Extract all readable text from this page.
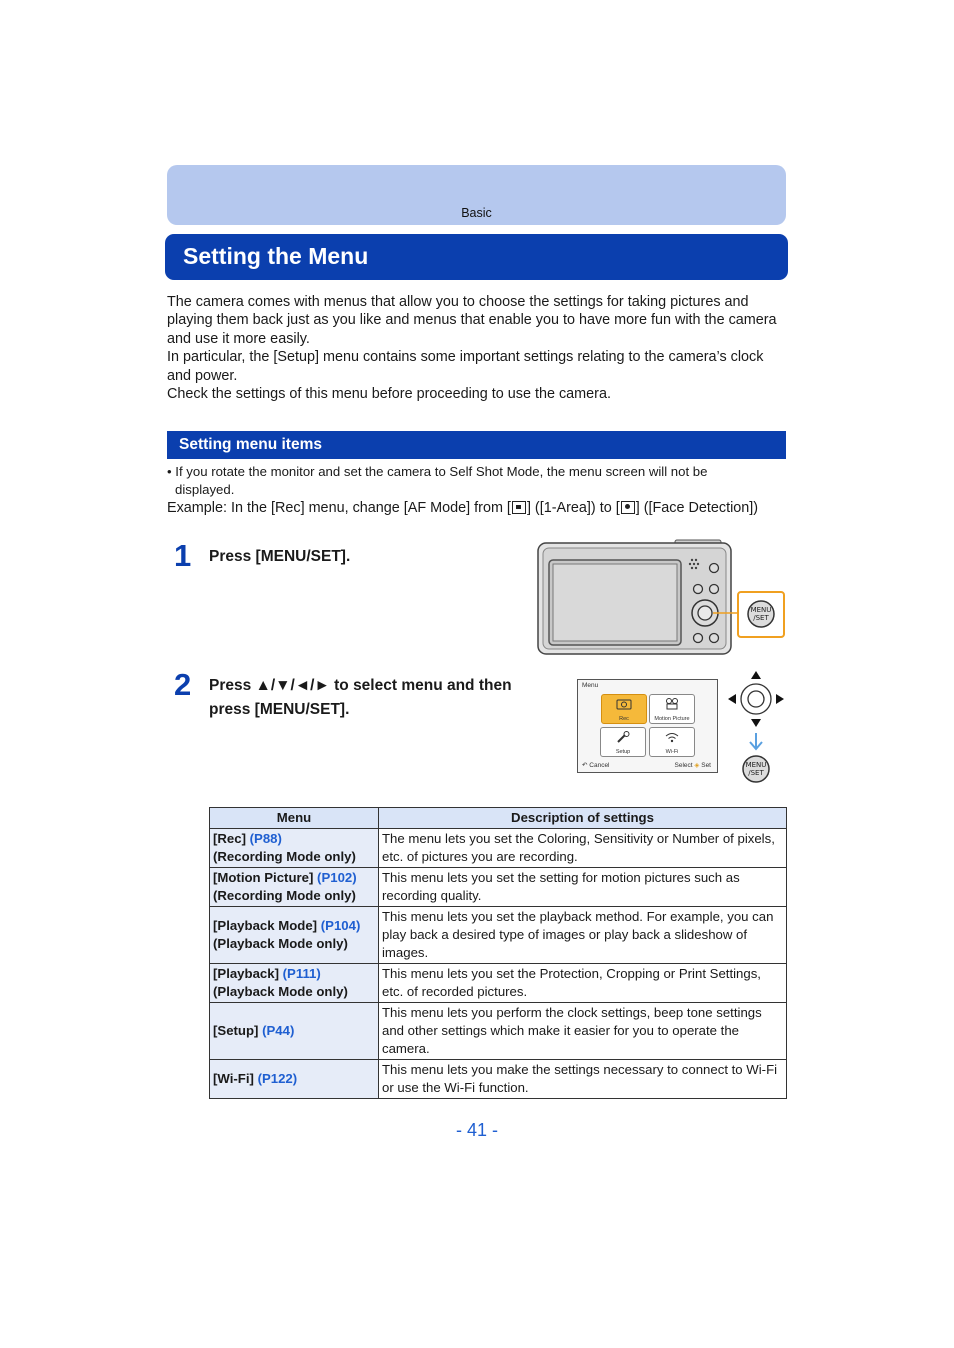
Basic
Setting the Menu

The camera comes with menus that allow you to choose the settings for taking pictures and playing them back just as you like and menus that enable you to have more fun with the camera and use it more easily.

In particular, the [Setup] menu contains some important settings relating to the camera’s clock and power.

Check the settings of this menu before proceeding to use the camera.

Setting menu items

• If you rotate the monitor and set the camera to Self Shot Mode, the menu screen will not be

displayed.

Example: In the [Rec] menu, change [AF Mode] from [ ] ([1-Area]) to [ ] ([Face Detection])
1 Press [MENU/SET].
MENU
/SET
2 Press ▲/▼/◄/► to select menu and then
press [MENU/SET].
Menu
Rec	Motion Picture
Setup	Wi-Fi
↶ Cancel	Select ◈ Set	MENU
/SET
Menu	Description of settings
[Rec] (P88)
(Recording Mode only)	The menu lets you set the Coloring, Sensitivity or Number of pixels, etc. of pictures you are recording.
[Motion Picture] (P102)
(Recording Mode only)	This menu lets you set the setting for motion pictures such as recording quality.
[Playback Mode] (P104)
(Playback Mode only)	This menu lets you set the playback method. For example, you can play back a desired type of images or play back a slideshow of images.
[Playback] (P111)
(Playback Mode only)	This menu lets you set the Protection, Cropping or Print Settings, etc. of recorded pictures.
[Setup] (P44)	This menu lets you perform the clock settings, beep tone settings and other settings which make it easier for you to operate the camera.
[Wi-Fi] (P122)	This menu lets you make the settings necessary to connect to Wi-Fi or use the Wi-Fi function.
- 41 -
